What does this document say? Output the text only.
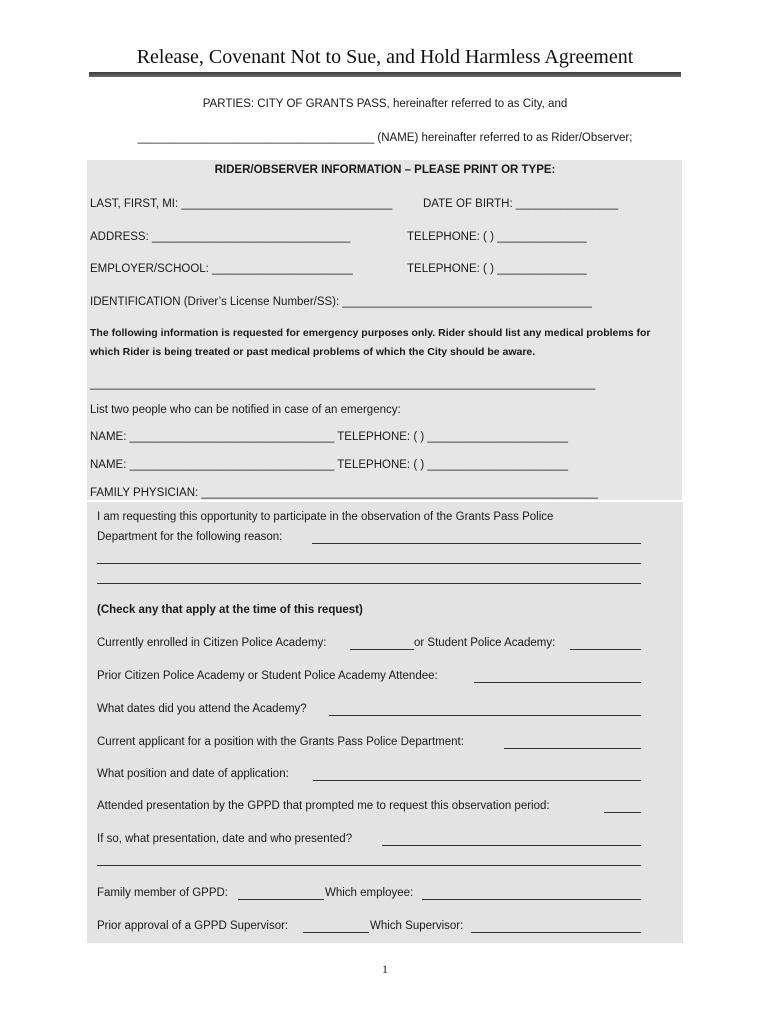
Release, Covenant Not to Sue, and Hold Harmless Agreement
PARTIES: CITY OF GRANTS PASS, hereinafter referred to as City, and
_____________________________________ (NAME) hereinafter referred to as Rider/Observer;
RIDER/OBSERVER INFORMATION – PLEASE PRINT OR TYPE:
LAST, FIRST, MI: _________________________________	DATE OF BIRTH: ________________
ADDRESS: _______________________________	TELEPHONE: ( ) ______________
EMPLOYER/SCHOOL: ______________________	TELEPHONE: ( ) ______________
IDENTIFICATION (Driver’s License Number/SS): _______________________________________
The following information is requested for emergency purposes only. Rider should list any medical problems for which Rider is being treated or past medical problems of which the City should be aware.
_______________________________________________________________________________
List two people who can be notified in case of an emergency:
NAME: ________________________________ TELEPHONE: ( ) ______________________
NAME: ________________________________ TELEPHONE: ( ) ______________________
FAMILY PHYSICIAN: ______________________________________________________________
I am requesting this opportunity to participate in the observation of the Grants Pass Police
Department for the following reason:
(Check any that apply at the time of this request)
Currently enrolled in Citizen Police Academy:	or Student Police Academy:
Prior Citizen Police Academy or Student Police Academy Attendee:
What dates did you attend the Academy?
Current applicant for a position with the Grants Pass Police Department:
What position and date of application:
Attended presentation by the GPPD that prompted me to request this observation period:
If so, what presentation, date and who presented?
Family member of GPPD:	Which employee:
Prior approval of a GPPD Supervisor:	Which Supervisor:
1
